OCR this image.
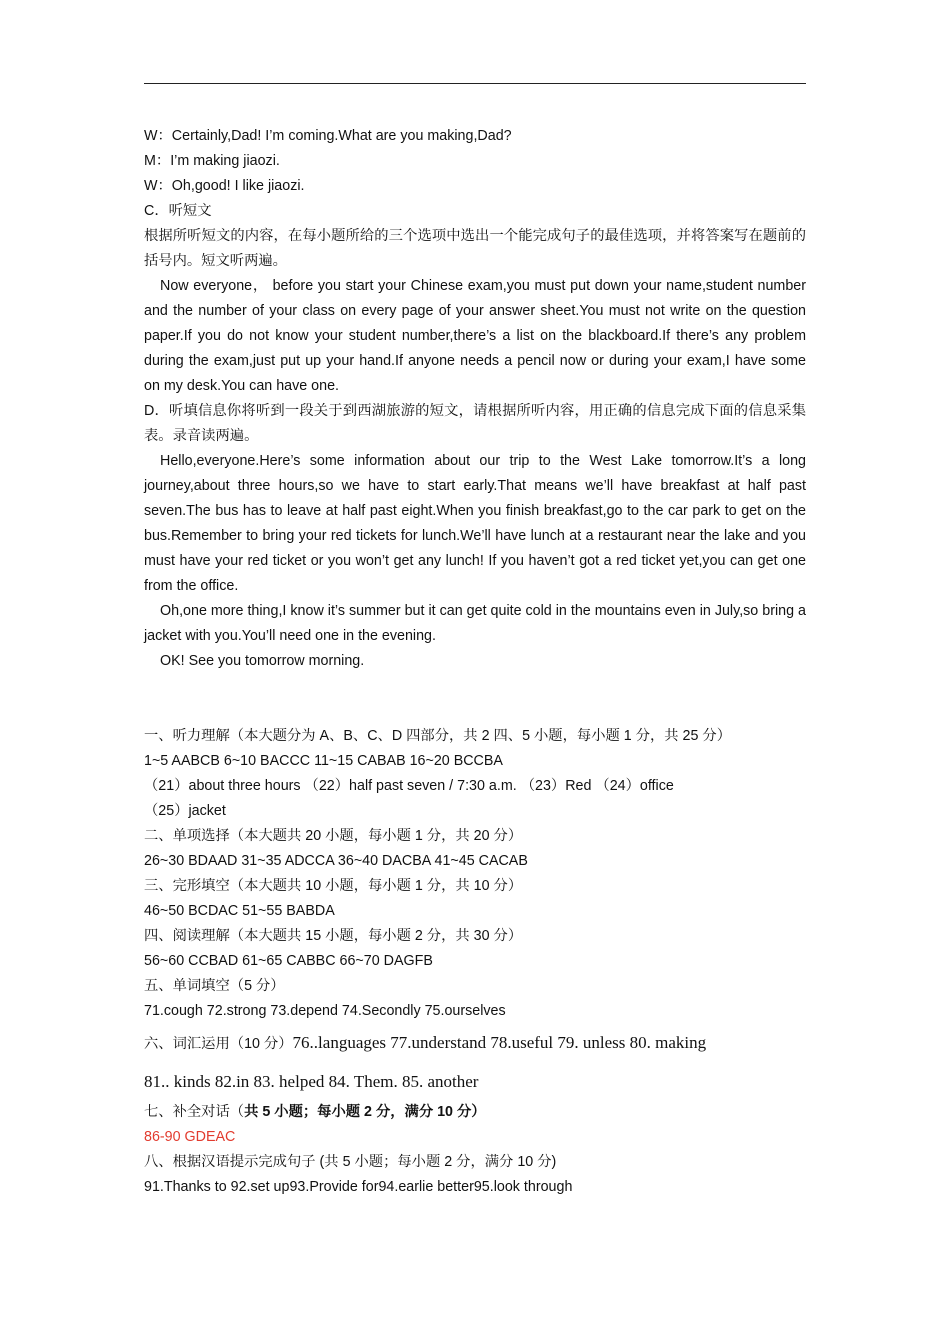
W：Certainly,Dad! I’m coming.What are you making,Dad?
M：I’m making jiaozi.
W：Oh,good! I like jiaozi.
C．听短文
根据所听短文的内容，在每小题所给的三个选项中选出一个能完成句子的最佳选项，并将答案写在题前的括号内。短文听两遍。
Now everyone， before you start your Chinese exam,you must put down your name,student number and the number of your class on every page of your answer sheet.You must not write on the question paper.If you do not know your student number,there’s a list on the blackboard.If there’s any problem during the exam,just put up your hand.If anyone needs a pencil now or during your exam,I have some on my desk.You can have one.
D．听填信息你将听到一段关于到西湖旅游的短文，请根据所听内容，用正确的信息完成下面的信息采集表。录音读两遍。
Hello,everyone.Here’s some information about our trip to the West Lake tomorrow.It’s a long journey,about three hours,so we have to start early.That means we’ll have breakfast at half past seven.The bus has to leave at half past eight.When you finish breakfast,go to the car park to get on the bus.Remember to bring your red tickets for lunch.We’ll have lunch at a restaurant near the lake and you must have your red ticket or you won’t get any lunch! If you haven’t got a red ticket yet,you can get one from the office.
Oh,one more thing,I know it’s summer but it can get quite cold in the mountains even in July,so bring a jacket with you.You’ll need one in the evening.
OK! See you tomorrow morning.
一、听力理解（本大题分为 A、B、C、D 四部分，共 2 四、5 小题，每小题 1 分，共 25 分）
1~5 AABCB 6~10 BACCC 11~15 CABAB 16~20 BCCBA
（21）about three hours （22）half past seven / 7:30 a.m. （23）Red （24）office
（25）jacket
二、单项选择（本大题共 20 小题，每小题 1 分，共 20 分）
26~30 BDAAD 31~35 ADCCA 36~40 DACBA 41~45 CACAB
三、完形填空（本大题共 10 小题，每小题 1 分，共 10 分）
46~50 BCDAC 51~55 BABDA
四、阅读理解（本大题共 15 小题，每小题 2 分，共 30 分）
56~60 CCBAD 61~65 CABBC 66~70 DAGFB
五、单词填空（5 分）
71.cough 72.strong 73.depend 74.Secondly 75.ourselves
六、词汇运用（10 分）76..languages 77.understand 78.useful 79. unless 80. making
81.. kinds 82.in 83. helped 84. Them. 85. another
七、补全对话（共 5 小题；每小题 2 分，满分 10 分）
86-90 GDEAC
八、根据汉语提示完成句子 (共 5 小题；每小题 2 分，满分 10 分)
91.Thanks to 92.set up93.Provide for94.earlie better95.look through
